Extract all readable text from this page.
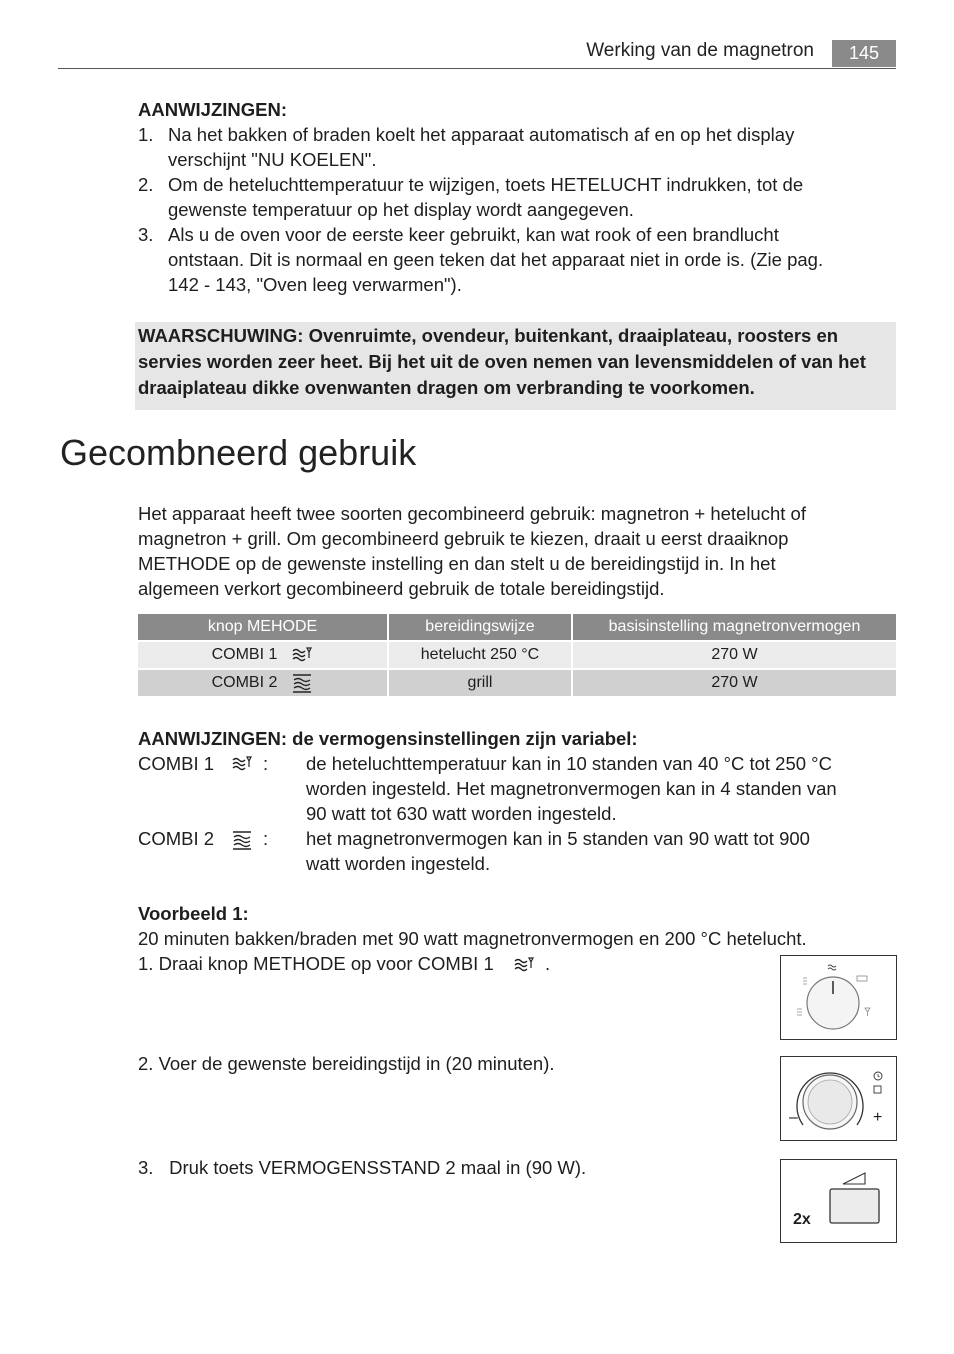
Werking van de magnetron	145
AANWIJZINGEN:
1. Na het bakken of braden koelt het apparaat automatisch af en op het display
verschijnt "NU KOELEN".
2. Om de heteluchttemperatuur te wijzigen, toets HETELUCHT indrukken, tot de
gewenste temperatuur op het display wordt aangegeven.
3. Als u de oven voor de eerste keer gebruikt, kan wat rook of een brandlucht
ontstaan. Dit is normaal en geen teken dat het apparaat niet in orde is. (Zie pag.
142 - 143, "Oven leeg verwarmen").
WAARSCHUWING: Ovenruimte, ovendeur, buitenkant, draaiplateau, roosters en
servies worden zeer heet. Bij het uit de oven nemen van levensmiddelen of van het
draaiplateau dikke ovenwanten dragen om verbranding te voorkomen.
Gecombneerd gebruik
Het apparaat heeft twee soorten gecombineerd gebruik: magnetron + hetelucht of
magnetron + grill. Om gecombineerd gebruik te kiezen, draait u eerst draaiknop
METHODE op de gewenste instelling en dan stelt u de bereidingstijd in. In het
algemeen verkort gecombineerd gebruik de totale bereidingstijd.
knop MEHODE	bereidingswijze	basisinstelling magnetronvermogen

COMBI 1	hetelucht 250 °C	270 W

COMBI 2	grill	270 W
AANWIJZINGEN: de vermogensinstellingen zijn variabel:
COMBI 1	: de heteluchttemperatuur kan in 10 standen van 40 °C tot 250 °C
worden ingesteld. Het magnetronvermogen kan in 4 standen van
90 watt tot 630 watt worden ingesteld.
COMBI 2	: het magnetronvermogen kan in 5 standen van 90 watt tot 900
watt worden ingesteld.
Voorbeeld 1:
20 minuten bakken/braden met 90 watt magnetronvermogen en 200 °C hetelucht.
1. Draai knop METHODE op voor COMBI 1	.
2. Voer de gewenste bereidingstijd in (20 minuten).
3. Druk toets VERMOGENSSTAND 2 maal in (90 W).
–	+
2x
